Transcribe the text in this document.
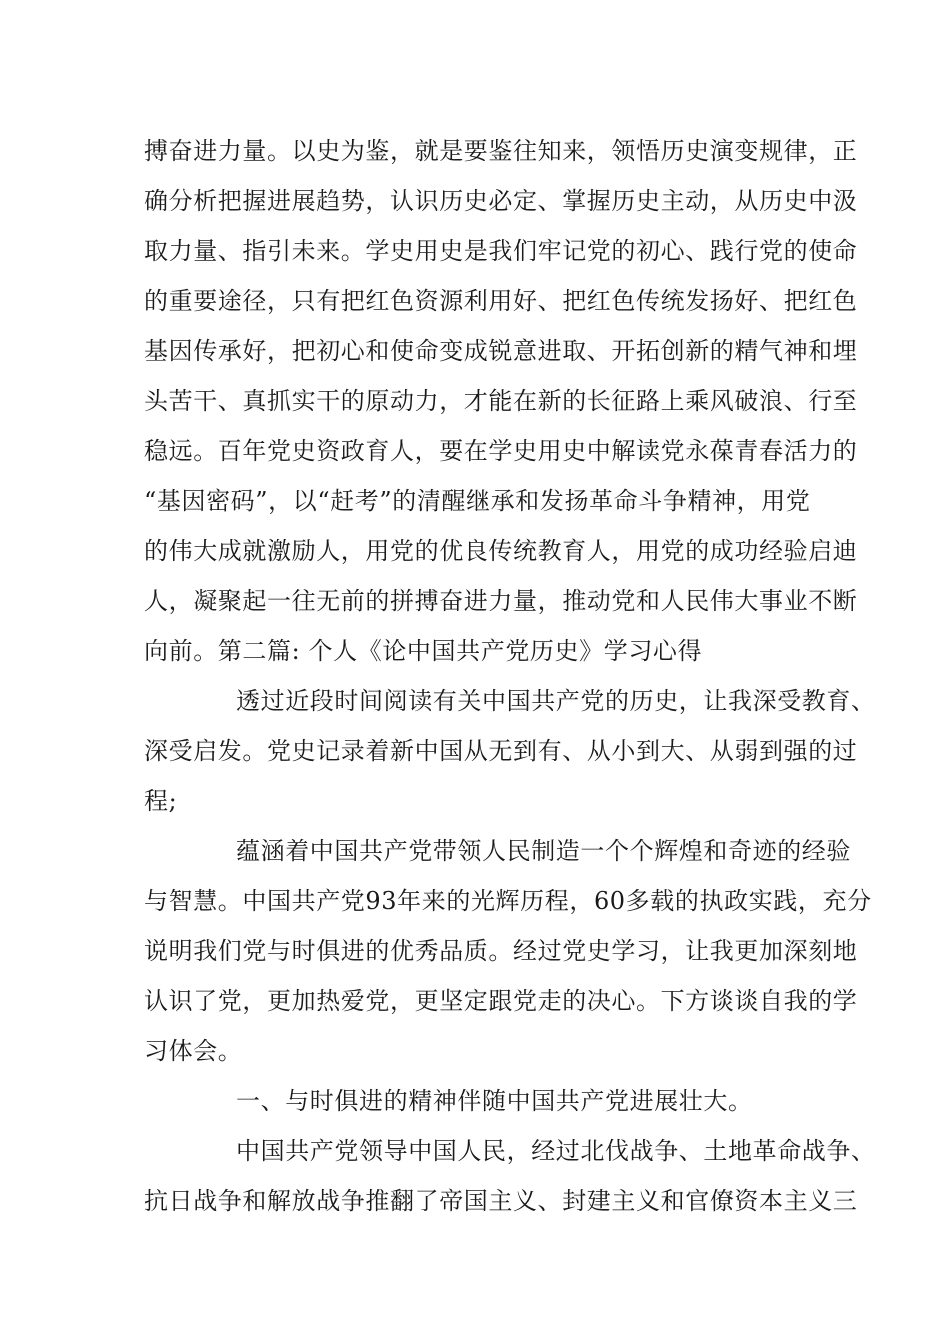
搏奋进力量。以史为鉴，就是要鉴往知来，领悟历史演变规律，正
确分析把握进展趋势，认识历史必定、掌握历史主动，从历史中汲
取力量、指引未来。学史用史是我们牢记党的初心、践行党的使命
的重要途径，只有把红色资源利用好、把红色传统发扬好、把红色
基因传承好，把初心和使命变成锐意进取、开拓创新的精气神和埋
头苦干、真抓实干的原动力，才能在新的长征路上乘风破浪、行至
稳远。百年党史资政育人，要在学史用史中解读党永葆青春活力的
“基因密码”，以“赶考”的清醒继承和发扬革命斗争精神，用党
的伟大成就激励人，用党的优良传统教育人，用党的成功经验启迪
人，凝聚起一往无前的拼搏奋进力量，推动党和人民伟大事业不断
向前。第二篇: 个人《论中国共产党历史》学习心得
透过近段时间阅读有关中国共产党的历史，让我深受教育、
深受启发。党史记录着新中国从无到有、从小到大、从弱到强的过
程;
蕴涵着中国共产党带领人民制造一个个辉煌和奇迹的经验
与智慧。中国共产党93年来的光辉历程，60多载的执政实践，充分
说明我们党与时俱进的优秀品质。经过党史学习，让我更加深刻地
认识了党，更加热爱党，更坚定跟党走的决心。下方谈谈自我的学
习体会。
一、与时俱进的精神伴随中国共产党进展壮大。
中国共产党领导中国人民，经过北伐战争、土地革命战争、
抗日战争和解放战争推翻了帝国主义、封建主义和官僚资本主义三
